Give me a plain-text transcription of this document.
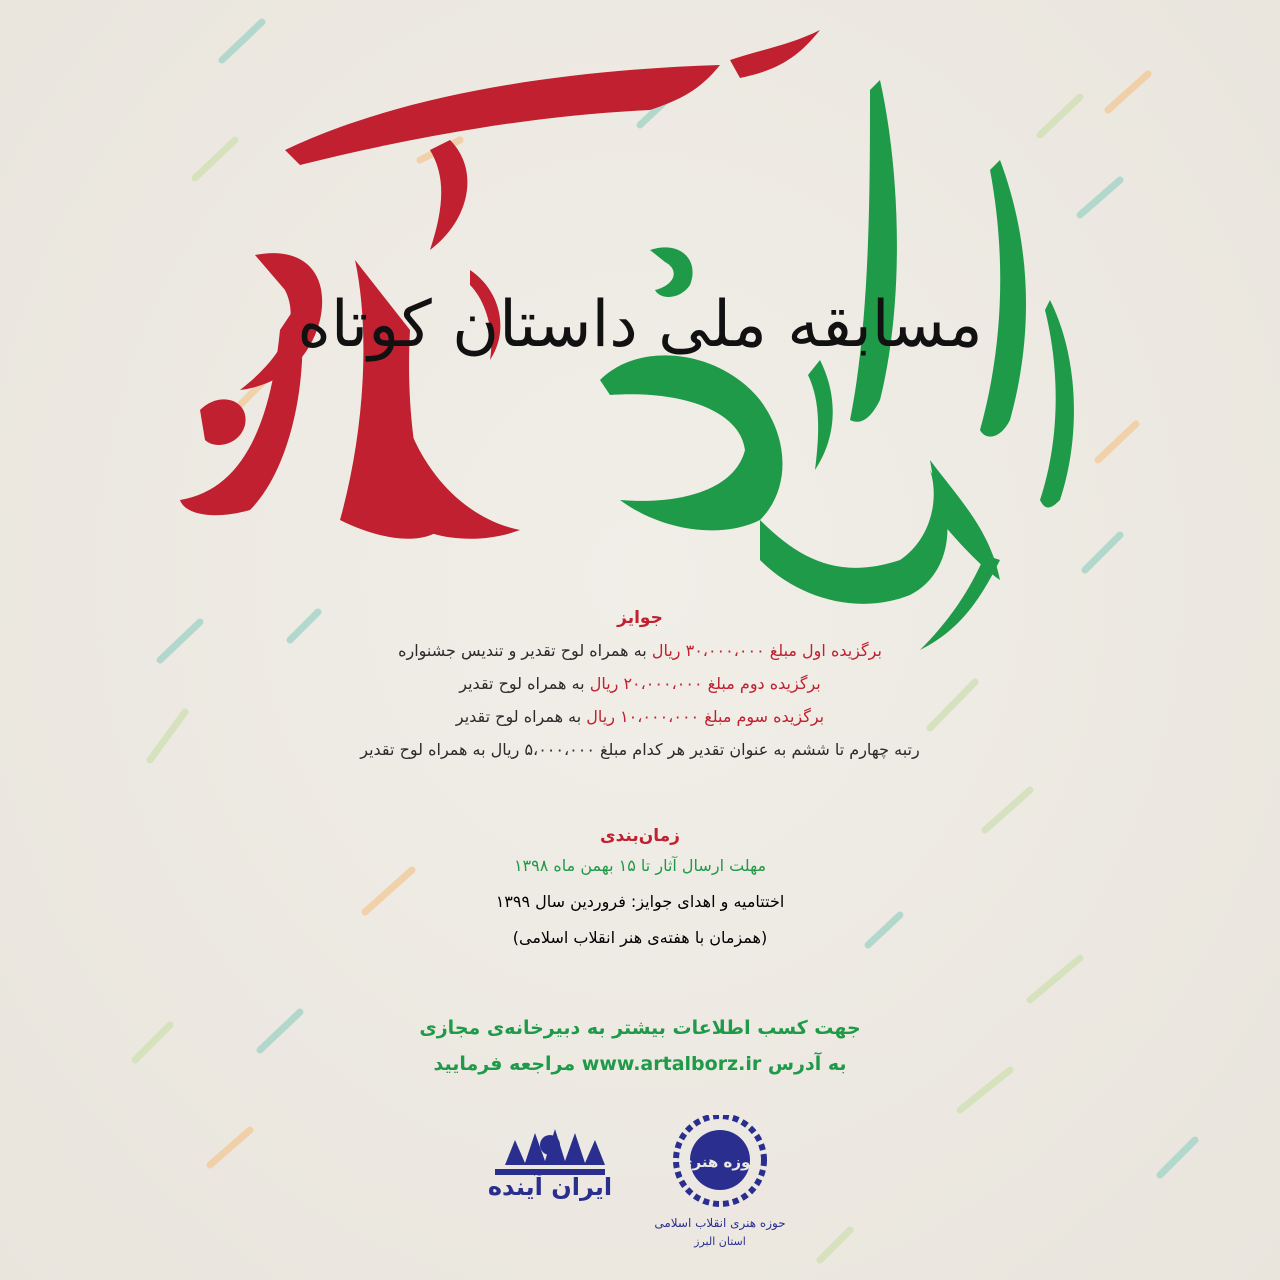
مسابقه ملی داستان کوتاه
جوایز
برگزیده اول مبلغ ۳۰،۰۰۰،۰۰۰ ریال به همراه لوح تقدیر و تندیس جشنواره
برگزیده دوم مبلغ ۲۰،۰۰۰،۰۰۰ ریال به همراه لوح تقدیر
برگزیده سوم مبلغ ۱۰،۰۰۰،۰۰۰ ریال به همراه لوح تقدیر
رتبه چهارم تا ششم به عنوان تقدیر هر کدام مبلغ ۵،۰۰۰،۰۰۰ ریال به همراه لوح تقدیر
زمان‌بندی
مهلت ارسال آثار تا ۱۵ بهمن ماه ۱۳۹۸
اختتامیه و اهدای جوایز: فروردین سال ۱۳۹۹
(همزمان با هفته‌ی هنر انقلاب اسلامی)
جهت کسب اطلاعات بیشتر به دبیرخانه‌ی مجازی
به آدرس www.artalborz.ir مراجعه فرمایید
ایران آینده
حوزه هنری
حوزه هنری انقلاب اسلامی
استان البرز
